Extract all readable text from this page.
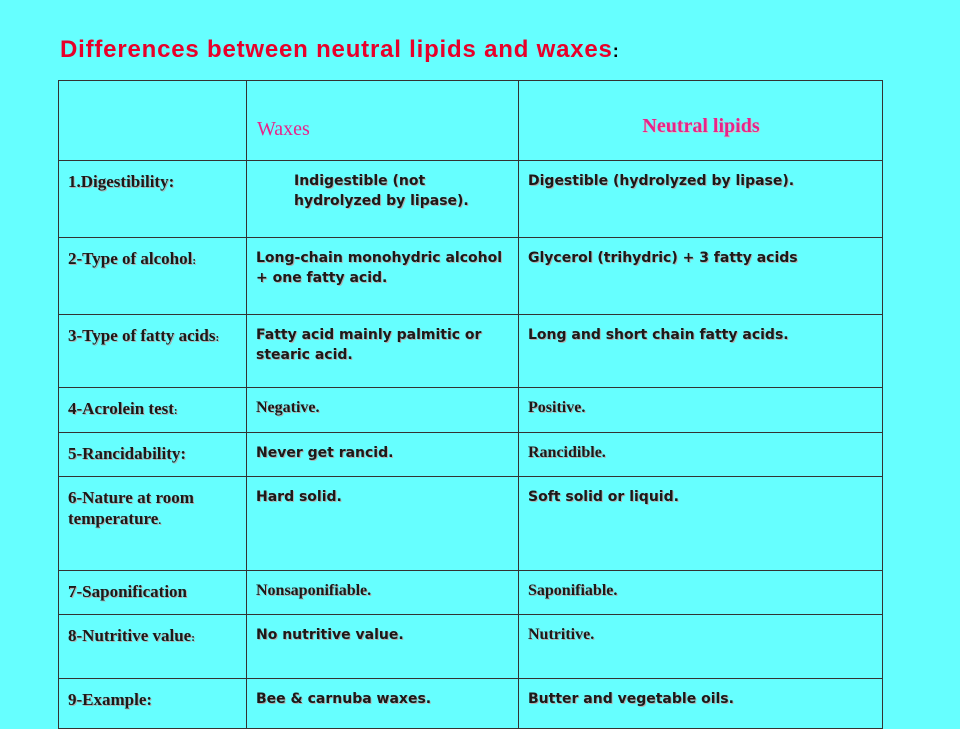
Differences between neutral lipids and waxes:
	Waxes	Neutral lipids
1.Digestibility:	Indigestible (not hydrolyzed by lipase).	Digestible (hydrolyzed by lipase).
2-Type of alcohol:	Long-chain monohydric alcohol + one fatty acid.	Glycerol (trihydric) + 3 fatty acids
3-Type of fatty acids:	Fatty acid mainly palmitic or stearic acid.	Long and short chain fatty acids.
4-Acrolein test:	Negative.	Positive.
5-Rancidability:	Never get rancid.	Rancidible.
6-Nature at room temperature.	Hard solid.	Soft solid or liquid.
7-Saponification	Nonsaponifiable.	Saponifiable.
8-Nutritive value:	No nutritive value.	Nutritive.
9-Example:	Bee & carnuba waxes.	Butter and vegetable oils.
